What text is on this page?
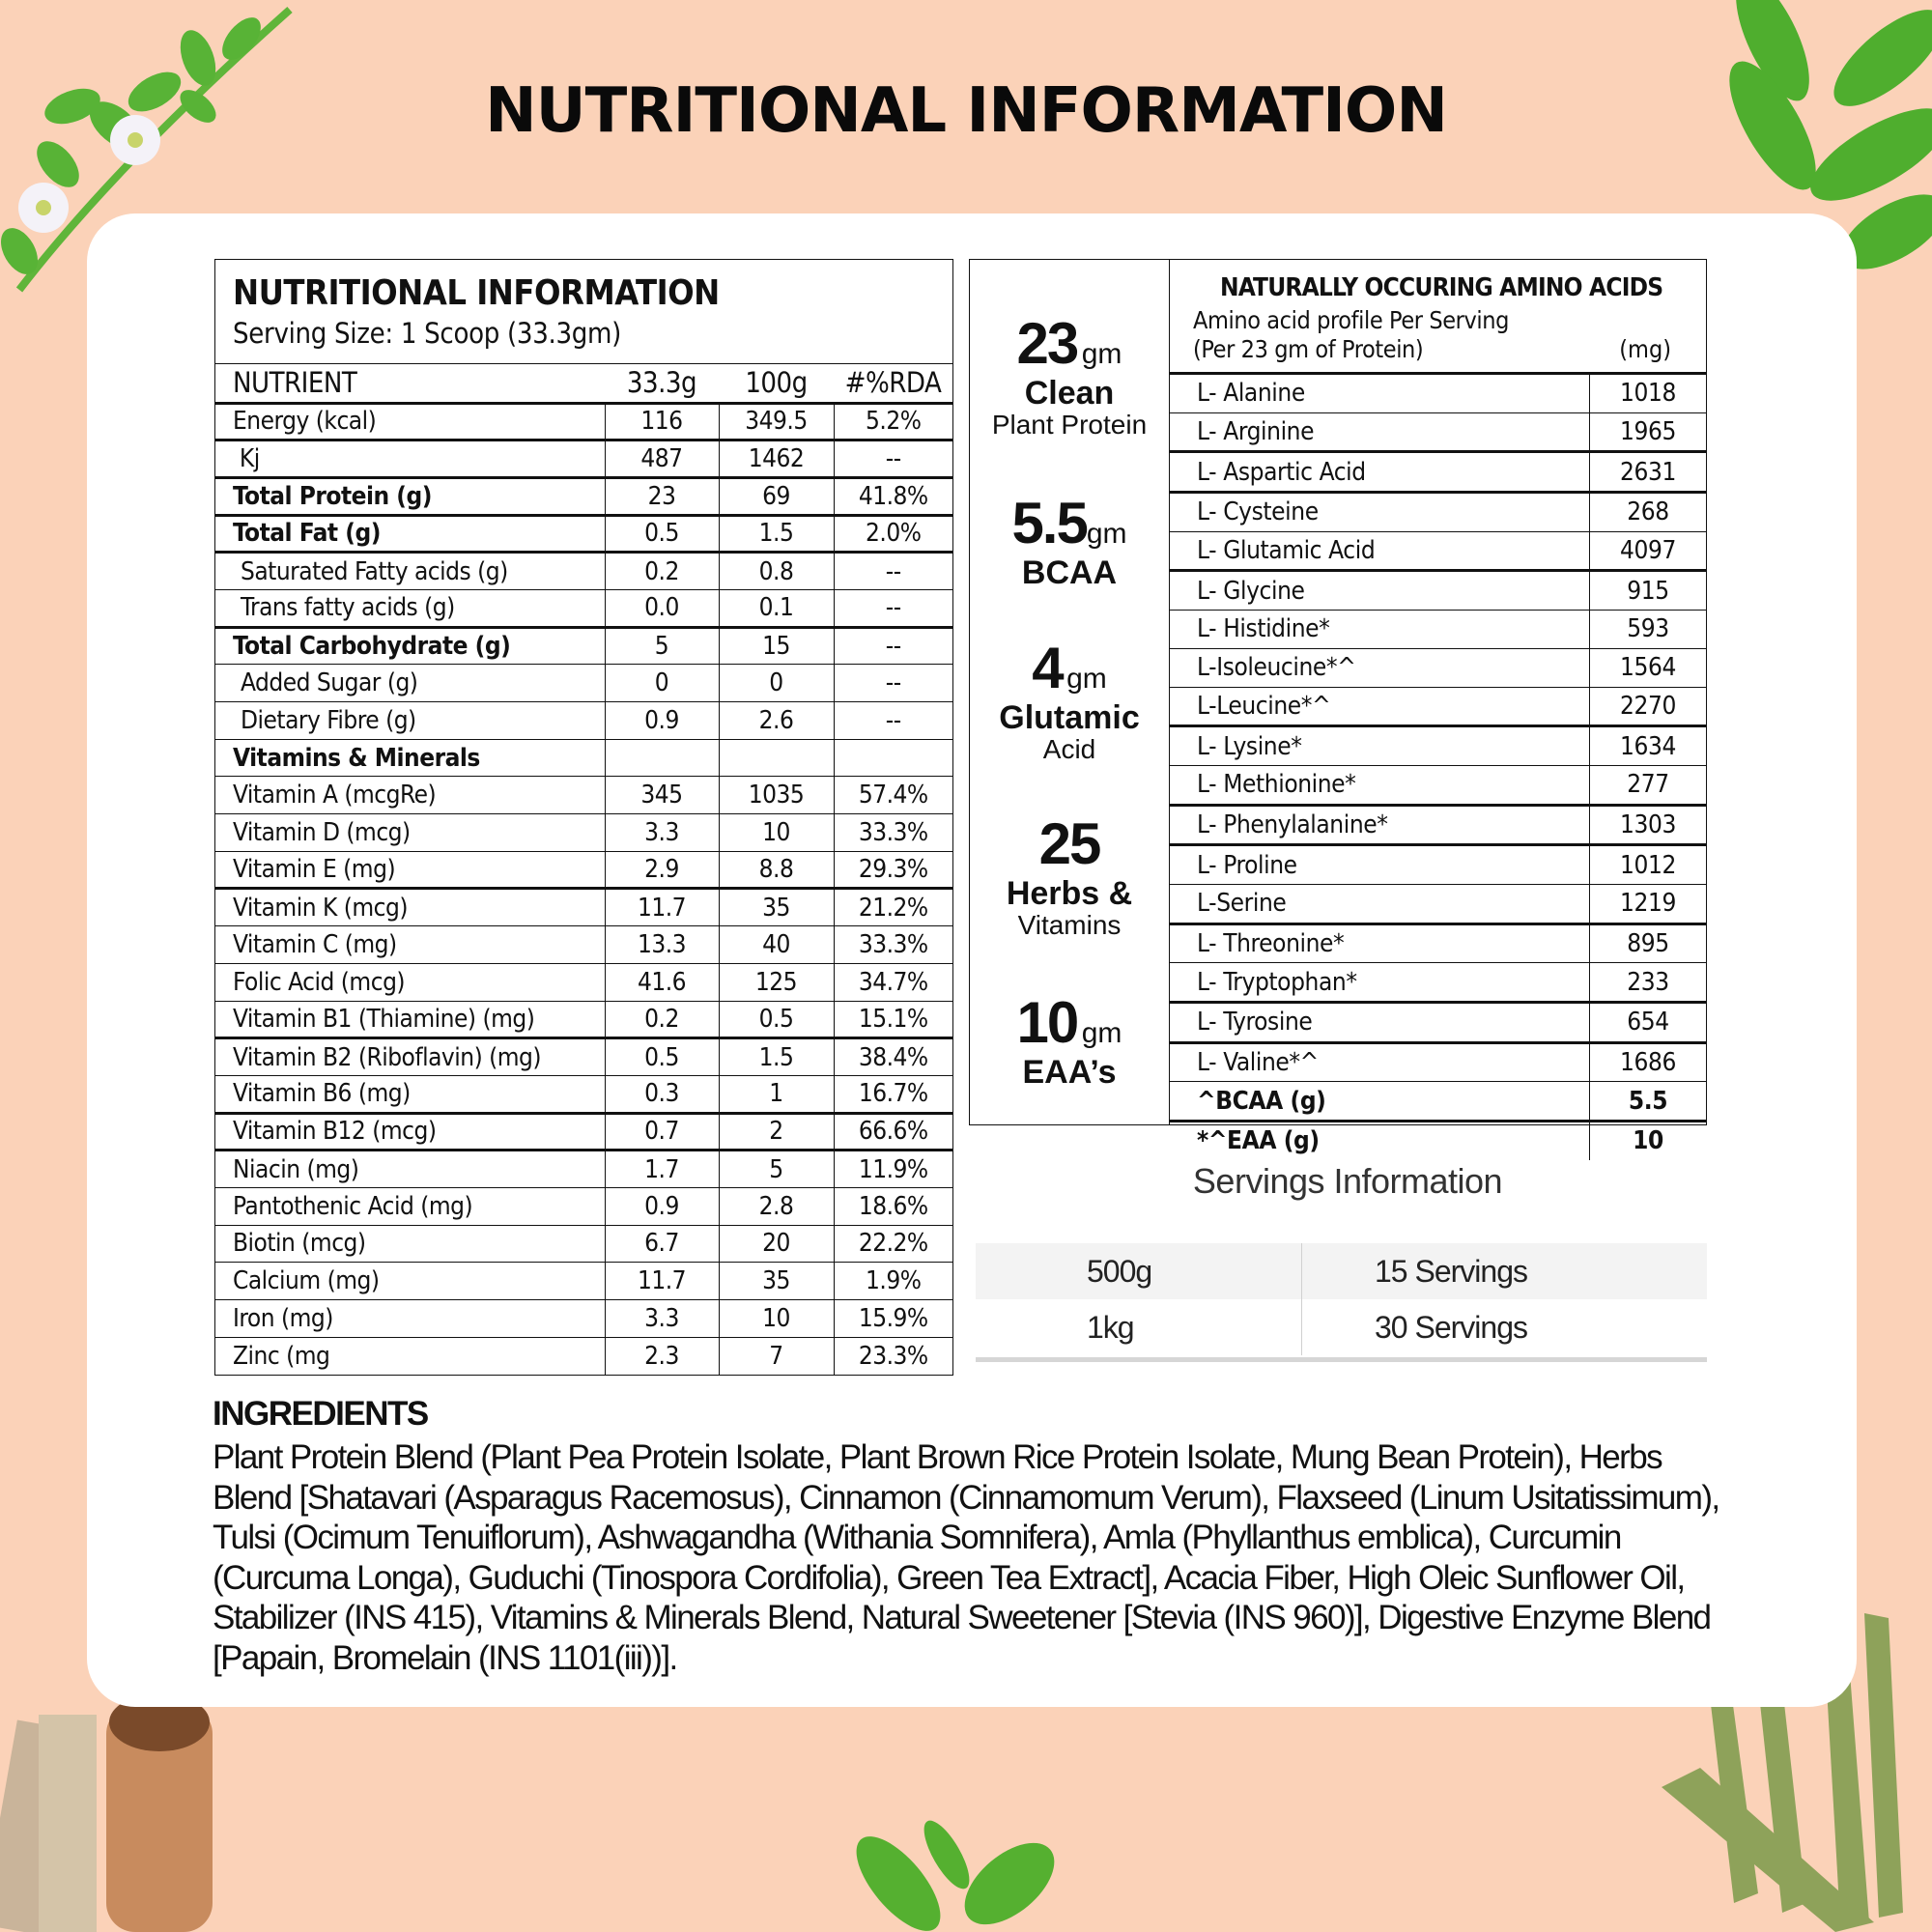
NUTRITIONAL INFORMATION
NUTRITIONAL INFORMATION
Serving Size: 1 Scoop (33.3gm)
NUTRIENT	33.3g	100g	#%RDA
Energy (kcal)	116	349.5	5.2%
Kj	487	1462	--
Total Protein (g)	23	69	41.8%
Total Fat (g)	0.5	1.5	2.0%
Saturated Fatty acids (g)	0.2	0.8	--
Trans fatty acids (g)	0.0	0.1	--
Total Carbohydrate (g)	5	15	--
Added Sugar (g)	0	0	--
Dietary Fibre (g)	0.9	2.6	--
Vitamins & Minerals			
Vitamin A (mcgRe)	345	1035	57.4%
Vitamin D (mcg)	3.3	10	33.3%
Vitamin E (mg)	2.9	8.8	29.3%
Vitamin K (mcg)	11.7	35	21.2%
Vitamin C (mg)	13.3	40	33.3%
Folic Acid (mcg)	41.6	125	34.7%
Vitamin B1 (Thiamine) (mg)	0.2	0.5	15.1%
Vitamin B2 (Riboflavin) (mg)	0.5	1.5	38.4%
Vitamin B6 (mg)	0.3	1	16.7%
Vitamin B12 (mcg)	0.7	2	66.6%
Niacin (mg)	1.7	5	11.9%
Pantothenic Acid (mg)	0.9	2.8	18.6%
Biotin (mcg)	6.7	20	22.2%
Calcium (mg)	11.7	35	1.9%
Iron (mg)	3.3	10	15.9%
Zinc (mg	2.3	7	23.3%
23 gm
Clean
Plant Protein
5.5gm
BCAA
4 gm
Glutamic
Acid
25
Herbs &
Vitamins
10 gm
EAA’s
NATURALLY OCCURING AMINO ACIDS
Amino acid profile Per Serving
(Per 23 gm of Protein)	(mg)
L- Alanine	1018
L- Arginine	1965
L- Aspartic Acid	2631
L- Cysteine	268
L- Glutamic Acid	4097
L- Glycine	915
L- Histidine*	593
L-Isoleucine*^	1564
L-Leucine*^	2270
L- Lysine*	1634
L- Methionine*	277
L- Phenylalanine*	1303
L- Proline	1012
L-Serine	1219
L- Threonine*	895
L- Tryptophan*	233
L- Tyrosine	654
L- Valine*^	1686
^BCAA (g)	5.5
*^EAA (g)	10
Servings Information
500g	15 Servings
1kg	30 Servings
INGREDIENTS
Plant Protein Blend (Plant Pea Protein Isolate, Plant Brown Rice Protein Isolate, Mung Bean Protein), Herbs Blend [Shatavari (Asparagus Racemosus), Cinnamon (Cinnamomum Verum), Flaxseed (Linum Usitatissimum), Tulsi (Ocimum Tenuiflorum), Ashwagandha (Withania Somnifera), Amla (Phyllanthus emblica), Curcumin (Curcuma Longa), Guduchi (Tinospora Cordifolia), Green Tea Extract], Acacia Fiber, High Oleic Sunflower Oil, Stabilizer (INS 415), Vitamins & Minerals Blend, Natural Sweetener [Stevia (INS 960)], Digestive Enzyme Blend [Papain, Bromelain (INS 1101(iii))].
